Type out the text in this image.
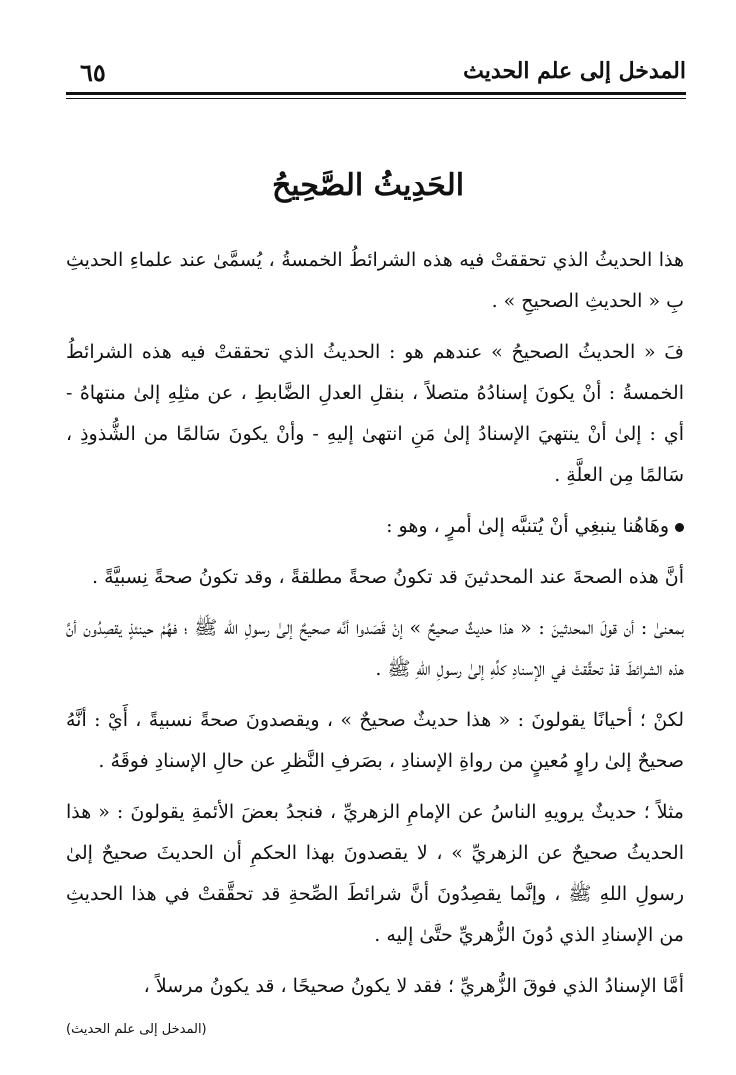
المدخل إلى علم الحديث
٦٥
الحَدِيثُ الصَّحِيحُ

هذا الحديثُ الذي تحققتْ فيه هذه الشرائطُ الخمسةُ ، يُسمَّىٰ عند علماءِ الحديثِ بِ « الحديثِ الصحيحِ » .

فَ « الحديثُ الصحيحُ » عندهم هو : الحديثُ الذي تحققتْ فيه هذه الشرائطُ الخمسةُ : أنْ يكونَ إسنادُهُ متصلاً ، بنقلِ العدلِ الضَّابطِ ، عن مثلِهِ إلىٰ منتهاهُ - أي : إلىٰ أنْ ينتهيَ الإسنادُ إلىٰ مَنِ انتهىٰ إليهِ - وأنْ يكونَ سَالمًا من الشُّذوذِ ، سَالمًا مِن العلَّةِ .

وهَاهُنا ينبغِي أنْ يُتنبَّه إلىٰ أمرٍ ، وهو :

أنَّ هذه الصحةَ عند المحدثينَ قد تكونُ صحةً مطلقةً ، وقد تكونُ صحةً نِسبيَّةً .

بمعنىٰ : أن قولَ المحدثينَ : « هذا حديثٌ صحيحٌ » إنْ قَصَدوا أنَّه صحيحٌ إلىٰ رسولِ الله ﷺ ؛ فهُمْ حينئذٍ يقصِدُون أنَّ هذه الشرائطَ قدْ تحقَّقتْ في الإسنادِ كلِّهِ إلىٰ رسولِ اللهِ ﷺ .

لكنْ ؛ أحيانًا يقولونَ : « هذا حديثٌ صحيحٌ » ، ويقصدونَ صحةً نسبيةً ، أَيْ : أنَّهُ صحيحٌ إلىٰ راوٍ مُعينٍ من رواةِ الإسنادِ ، بصَرفِ النَّظرِ عن حالِ الإسنادِ فوقَهُ .

مثلاً ؛ حديثٌ يرويهِ الناسُ عن الإمامِ الزهريِّ ، فنجدُ بعضَ الأئمةِ يقولونَ : « هذا الحديثُ صحيحٌ عن الزهريِّ » ، لا يقصدونَ بهذا الحكمِ أن الحديثَ صحيحٌ إلىٰ رسولِ اللهِ ﷺ ، وإنَّما يقصِدُونَ أنَّ شرائطَ الصِّحةِ قد تحقَّقتْ في هذا الحديثِ من الإسنادِ الذي دُونَ الزُّهريِّ حتَّىٰ إليه .

أمَّا الإسنادُ الذي فوقَ الزُّهريِّ ؛ فقد لا يكونُ صحيحًا ، قد يكونُ مرسلاً ،

(المدخل إلى علم الحديث)
